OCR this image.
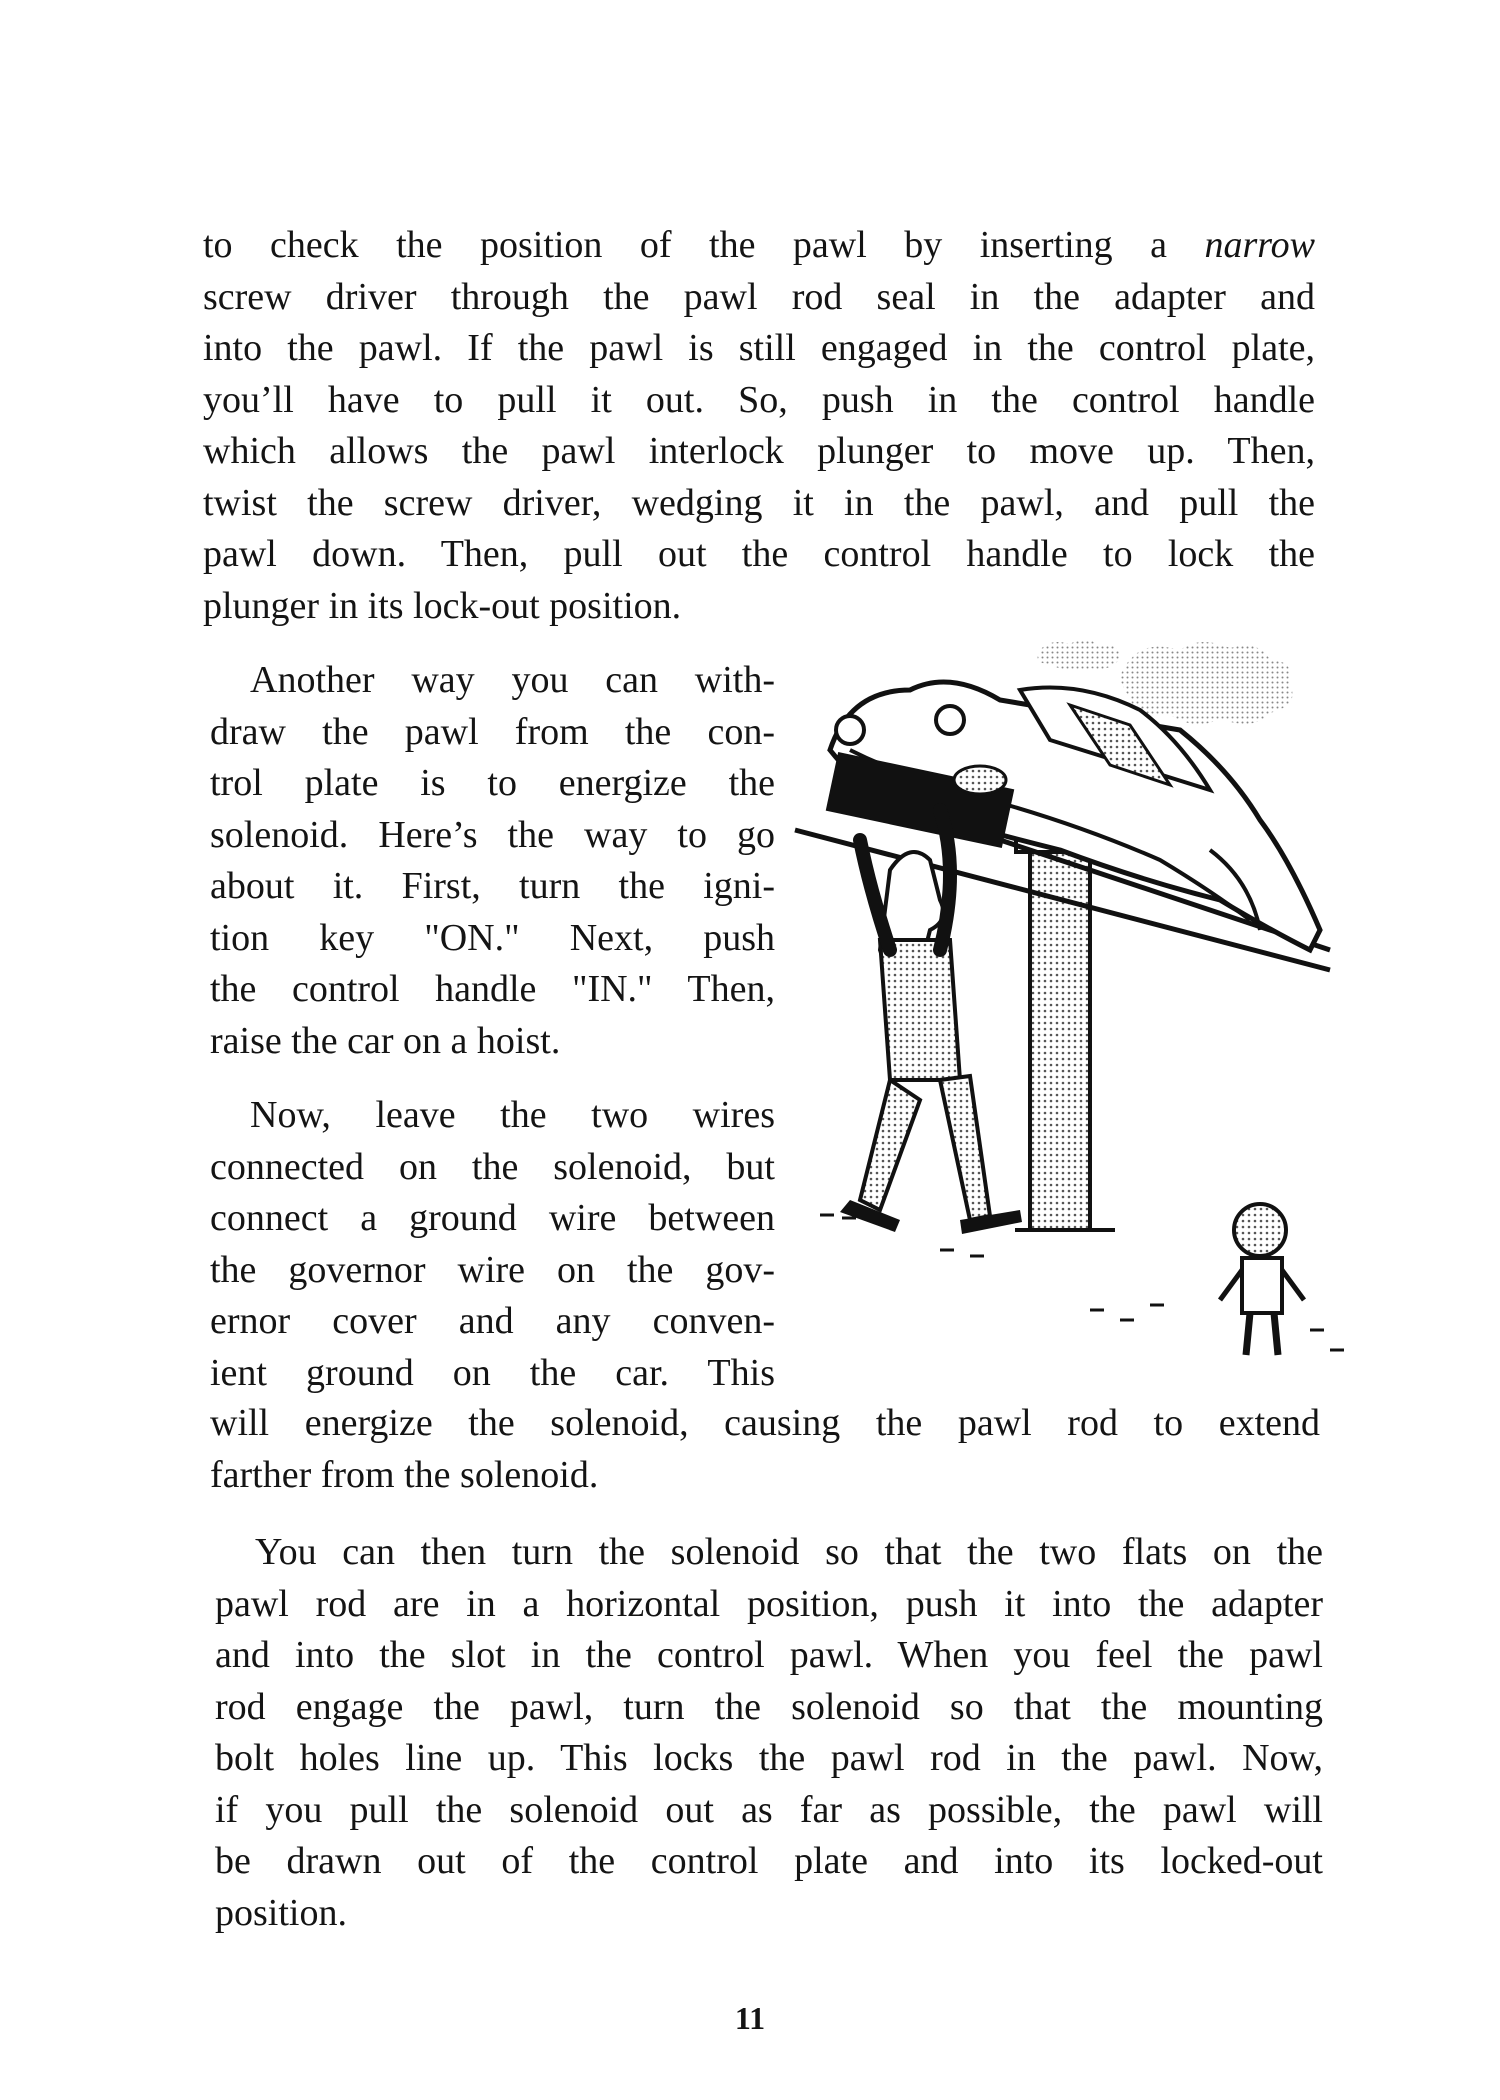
to check the position of the pawl by inserting a narrow
screw driver through the pawl rod seal in the adapter and
into the pawl. If the pawl is still engaged in the control plate,
you’ll have to pull it out. So, push in the control handle
which allows the pawl interlock plunger to move up. Then,
twist the screw driver, wedging it in the pawl, and pull the
pawl down. Then, pull out the control handle to lock the
plunger in its lock-out position.
Another way you can with-
draw the pawl from the con-
trol plate is to energize the
solenoid. Here’s the way to go
about it. First, turn the igni-
tion key "ON." Next, push
the control handle "IN." Then,
raise the car on a hoist.
Now, leave the two wires
connected on the solenoid, but
connect a ground wire between
the governor wire on the gov-
ernor cover and any conven-
ient ground on the car. This
will energize the solenoid, causing the pawl rod to extend
farther from the solenoid.
You can then turn the solenoid so that the two flats on the
pawl rod are in a horizontal position, push it into the adapter
and into the slot in the control pawl. When you feel the pawl
rod engage the pawl, turn the solenoid so that the mounting
bolt holes line up. This locks the pawl rod in the pawl. Now,
if you pull the solenoid out as far as possible, the pawl will
be drawn out of the control plate and into its locked-out
position.
11
